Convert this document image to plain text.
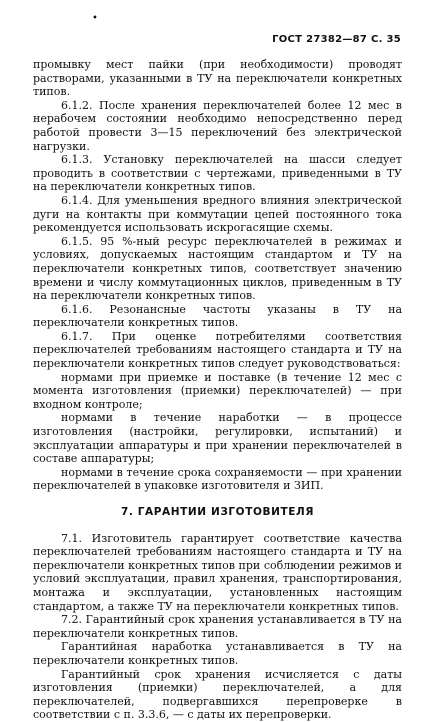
•
ГОСТ 27382—87 С. 35

промывку мест пайки (при необходимости) проводят растворами, указанными в ТУ на переключатели конкретных типов.

6.1.2. После хранения переключателей более 12 мес в нерабочем состоянии необходимо непосредственно перед работой провести 3—15 переключений без электрической нагрузки.

6.1.3. Установку переключателей на шасси следует проводить в соответствии с чертежами, приведенными в ТУ на переключатели конкретных типов.

6.1.4. Для уменьшения вредного влияния электрической дуги на контакты при коммутации цепей постоянного тока рекомендуется использовать искрогасящие схемы.

6.1.5. 95 %-ный ресурс переключателей в режимах и условиях, допускаемых настоящим стандартом и ТУ на переключатели конкретных типов, соответствует значению времени и числу коммутационных циклов, приведенным в ТУ на переключатели конкретных типов.

6.1.6. Резонансные частоты указаны в ТУ на переключатели конкретных типов.

6.1.7. При оценке потребителями соответствия переключателей требованиям настоящего стандарта и ТУ на переключатели конкретных типов следует руководствоваться:

нормами при приемке и поставке (в течение 12 мес с момента изготовления (приемки) переключателей) — при входном контроле;

нормами в течение наработки — в процессе изготовления (настройки, регулировки, испытаний) и эксплуатации аппаратуры и при хранении переключателей в составе аппаратуры;

нормами в течение срока сохраняемости — при хранении переключателей в упаковке изготовителя и ЗИП.

7. ГАРАНТИИ ИЗГОТОВИТЕЛЯ

7.1. Изготовитель гарантирует соответствие качества переключателей требованиям настоящего стандарта и ТУ на переключатели конкретных типов при соблюдении режимов и условий эксплуатации, правил хранения, транспортирования, монтажа и эксплуатации, установленных настоящим стандартом, а также ТУ на переключатели конкретных типов.

7.2. Гарантийный срок хранения устанавливается в ТУ на переключатели конкретных типов.

Гарантийная наработка устанавливается в ТУ на переключатели конкретных типов.

Гарантийный срок хранения исчисляется с даты изготовления (приемки) переключателей, а для переключателей, подвергавшихся перепроверке в соответствии с п. 3.3.6, — с даты их перепроверки.
